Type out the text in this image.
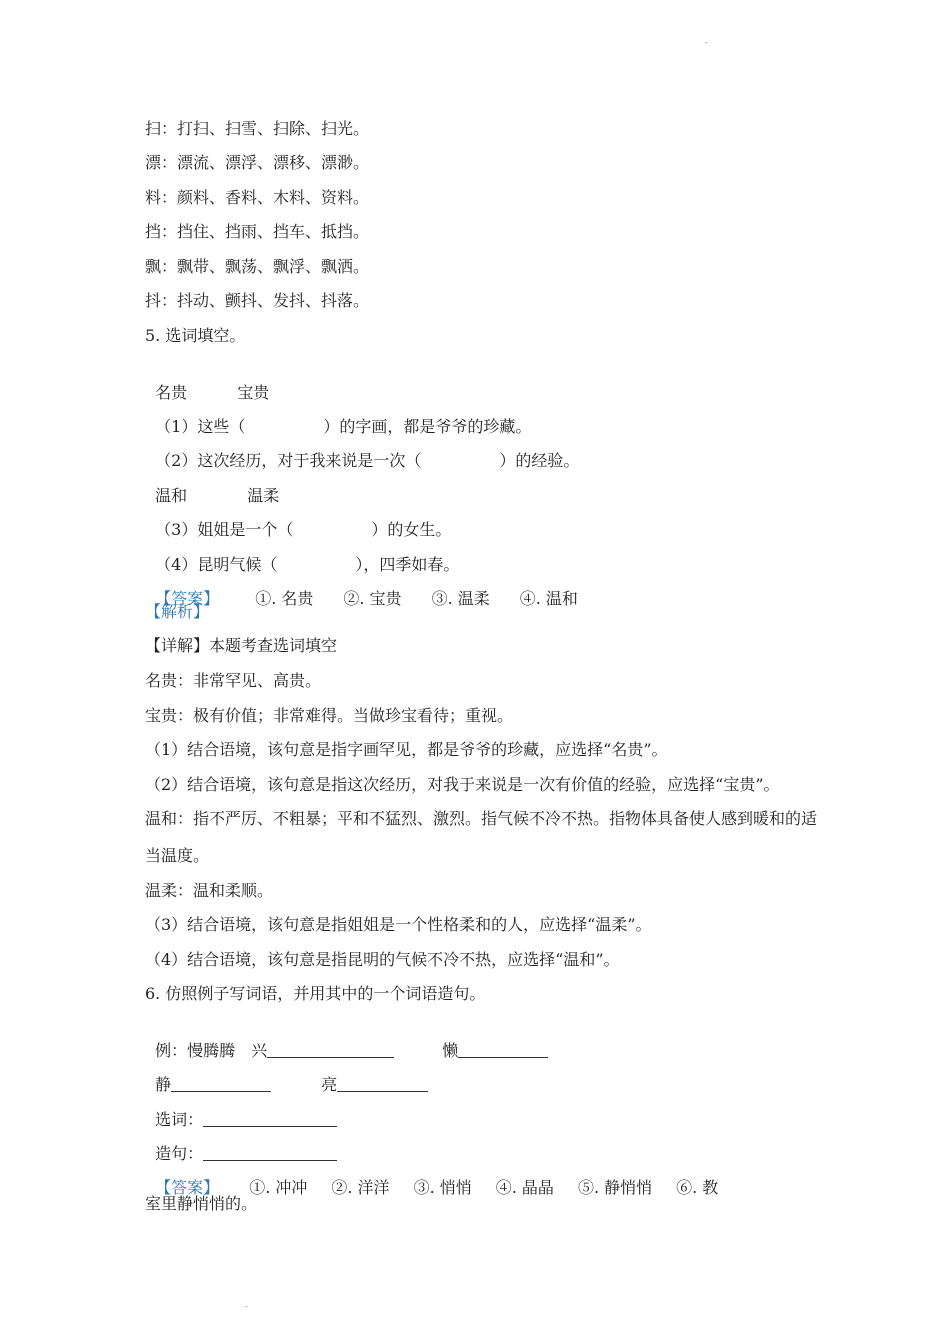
-
扫：打扫、扫雪、扫除、扫光。
漂：漂流、漂浮、漂移、漂渺。
料：颜料、香料、木料、资料。
挡：挡住、挡雨、挡车、抵挡。
飘：飘带、飘荡、飘浮、飘洒。
抖：抖动、颤抖、发抖、抖落。
5. 选词填空。

名贵	宝贵

（1）这些（	）的字画，都是爷爷的珍藏。

（2）这次经历，对于我来说是一次（	）的经验。

温和	温柔

（3）姐姐是一个（	）的女生。

（4）昆明气候（	），四季如春。

【答案】 ①. 名贵 ②. 宝贵 ③. 温柔 ④. 温和

【解析】
【详解】本题考查选词填空
名贵：非常罕见、高贵。
宝贵：极有价值；非常难得。当做珍宝看待；重视。
（1）结合语境，该句意是指字画罕见，都是爷爷的珍藏，应选择“名贵”。
（2）结合语境，该句意是指这次经历，对我于来说是一次有价值的经验，应选择“宝贵”。
温和：指不严厉、不粗暴；平和不猛烈、激烈。指气候不冷不热。指物体具备使人感到暖和的适
当温度。
温柔：温和柔顺。
（3）结合语境，该句意是指姐姐是一个性格柔和的人，应选择“温柔”。
（4）结合语境，该句意是指昆明的气候不冷不热，应选择“温和”。
6. 仿照例子写词语，并用其中的一个词语造句。

例：慢腾腾 兴	懒

静	亮

选词：

造句：

【答案】 ①. 冲冲 ②. 洋洋 ③. 悄悄 ④. 晶晶 ⑤. 静悄悄 ⑥. 教

室里静悄悄的。
-
